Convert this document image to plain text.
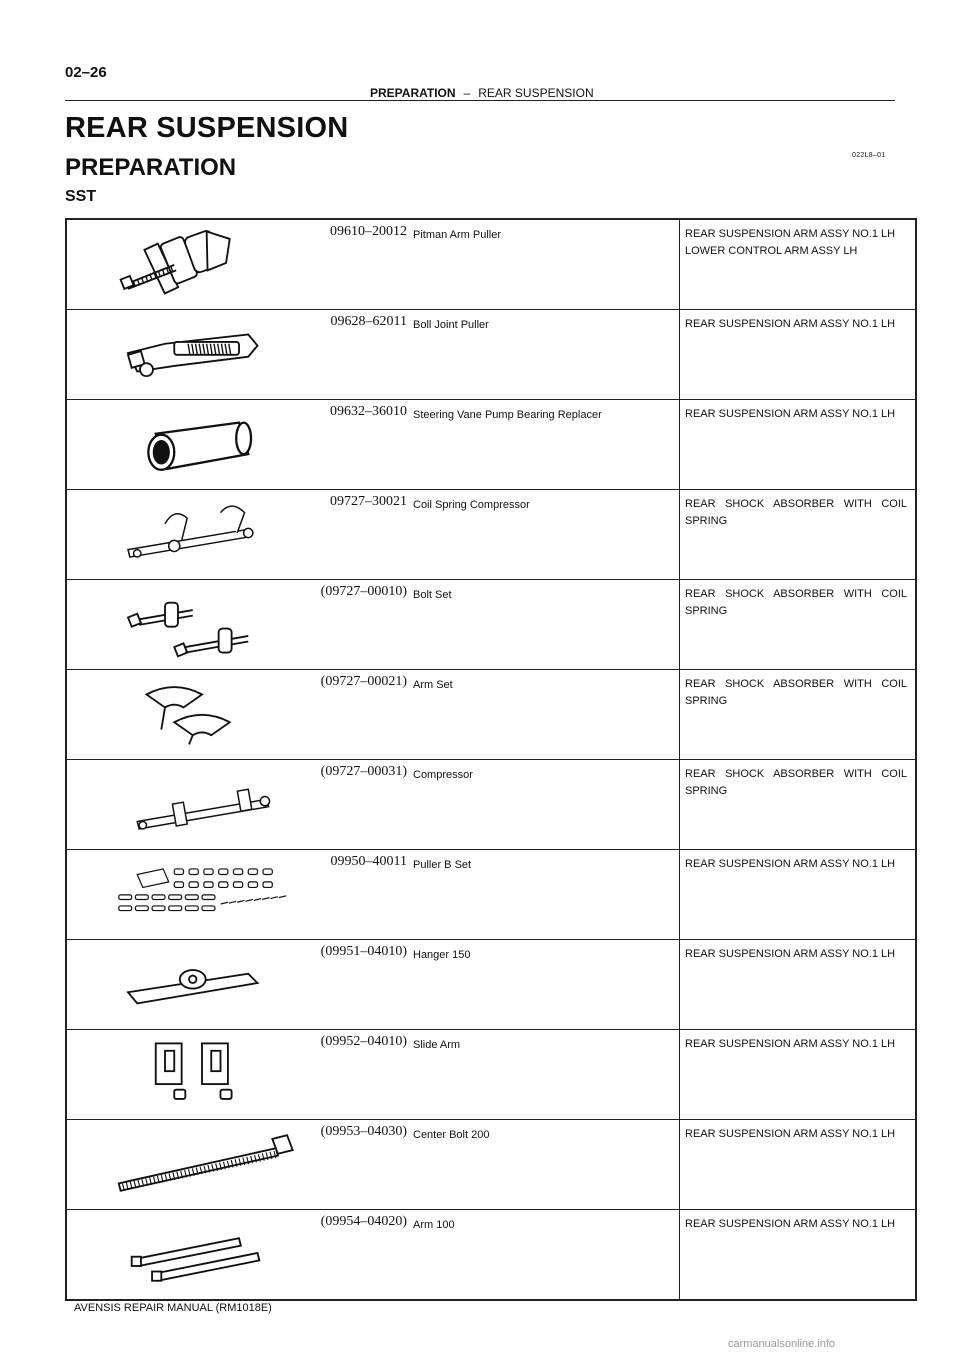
02–26
PREPARATION – REAR SUSPENSION
REAR SUSPENSION
PREPARATION	022L8–01
SST
09610–20012	Pitman Arm Puller	REAR SUSPENSION ARM ASSY NO.1 LH
LOWER CONTROL ARM ASSY LH

09628–62011	Boll Joint Puller	REAR SUSPENSION ARM ASSY NO.1 LH

09632–36010	Steering Vane Pump Bearing Replacer	REAR SUSPENSION ARM ASSY NO.1 LH

09727–30021	Coil Spring Compressor	REAR SHOCK ABSORBER WITH COIL SPRING

(09727–00010)	Bolt Set	REAR SHOCK ABSORBER WITH COIL SPRING

(09727–00021)	Arm Set	REAR SHOCK ABSORBER WITH COIL SPRING

(09727–00031)	Compressor	REAR SHOCK ABSORBER WITH COIL SPRING

09950–40011	Puller B Set	REAR SUSPENSION ARM ASSY NO.1 LH

(09951–04010)	Hanger 150	REAR SUSPENSION ARM ASSY NO.1 LH

(09952–04010)	Slide Arm	REAR SUSPENSION ARM ASSY NO.1 LH

(09953–04030)	Center Bolt 200	REAR SUSPENSION ARM ASSY NO.1 LH

(09954–04020)	Arm 100	REAR SUSPENSION ARM ASSY NO.1 LH
AVENSIS REPAIR MANUAL (RM1018E)
carmanualsonline.info
